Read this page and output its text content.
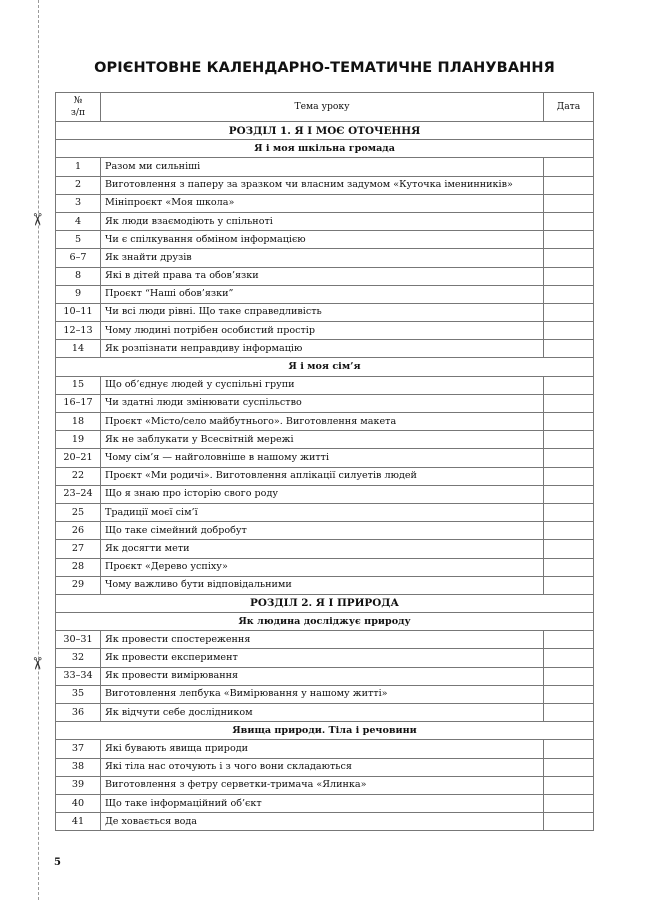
✂
✂
ОРІЄНТОВНЕ КАЛЕНДАРНО-ТЕМАТИЧНЕ ПЛАНУВАННЯ
№
з/п	Тема уроку	Дата
РОЗДІЛ 1. Я І МОЄ ОТОЧЕННЯ		
Я і моя шкільна громада		
1	Разом ми сильніші	
2	Виготовлення з паперу за зразком чи власним задумом «Куточка іменинників»	
3	Мініпроєкт «Моя школа»	
4	Як люди взаємодіють у спільноті	
5	Чи є спілкування обміном інформацією	
6–7	Як знайти друзів	
8	Які в дітей права та обов’язки	
9	Проєкт “Наші обов’язки”	
10–11	Чи всі люди рівні. Що таке справедливість	
12–13	Чому людині потрібен особистий простір	
14	Як розпізнати неправдиву інформацію	
Я і моя сім’я		
15	Що об’єднує людей у суспільні групи	
16–17	Чи здатні люди змінювати суспільство	
18	Проєкт «Місто/село майбутнього». Виготовлення макета	
19	Як не заблукати у Всесвітній мережі	
20–21	Чому сім’я — найголовніше в нашому житті	
22	Проєкт «Ми родичі». Виготовлення аплікації силуетів людей	
23–24	Що я знаю про історію свого роду	
25	Традиції моєї сім’ї	
26	Що таке сімейний добробут	
27	Як досягти мети	
28	Проєкт «Дерево успіху»	
29	Чому важливо бути відповідальними	
РОЗДІЛ 2. Я І ПРИРОДА		
Як людина досліджує природу		
30–31	Як провести спостереження	
32	Як провести експеримент	
33–34	Як провести вимірювання	
35	Виготовлення лепбука «Вимірювання у нашому житті»	
36	Як відчути себе дослідником	
Явища природи. Тіла і речовини		
37	Які бувають явища природи	
38	Які тіла нас оточують і з чого вони складаються	
39	Виготовлення з фетру серветки-тримача «Ялинка»	
40	Що таке інформаційний об’єкт	
41	Де ховається вода	
5
